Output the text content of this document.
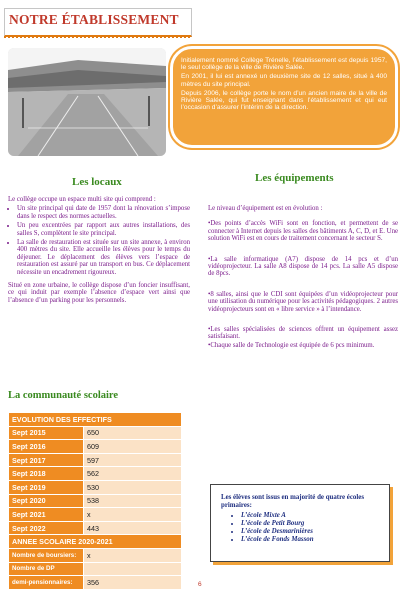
NOTRE ÉTABLISSEMENT

Initialement nommé Collège Trénelle, l’établissement est depuis 1957, le seul collège de la ville de Rivière Salée.

En 2001, il lui est annexé un deuxième site de 12 salles, situé à 400 mètres du site principal.

Depuis 2006, le collège porte le nom d’un ancien maire de la ville de Rivière Salée, qui fut enseignant dans l’établissement et qui eut l’occasion d’assurer l’intérim de la direction.

Les locaux

Le collège occupe un espace multi site qui comprend :

• Un site principal qui date de 1957 dont la rénovation s’impose dans le respect des normes actuelles.
• Un peu excentrées par rapport aux autres installations, des salles S, complètent le site principal.
• La salle de restauration est située sur un site annexe, à environ 400 mètres du site. Elle accueille les élèves pour le temps du déjeuner. Le déplacement des élèves vers l’espace de restauration est assuré par un transport en bus. Ce déplacement nécessite un encadrement rigoureux.

Situé en zone urbaine, le collège dispose d’un foncier insuffisant, ce qui induit par exemple l’absence d’espace vert ainsi que l’absence d’un parking pour les personnels.

Les équipements

Le niveau d’équipement est en évolution :

•Des points d’accès WiFi sont en fonction, et permettent de se connecter à Internet depuis les salles des bâtiments A, C, D, et E. Une solution WiFi est en cours de traitement concernant le secteur S.
•La salle informatique (A7) dispose de 14 pcs et d’un vidéoprojecteur. La salle A8 dispose de 14 pcs. La salle A5 dispose de 8pcs.
•8 salles, ainsi que le CDI sont équipées d’un vidéoprojecteur pour une utilisation du numérique pour les activités pédagogiques. 2 autres vidéoprojecteurs sont en « libre service » à l’intendance.
•Les salles spécialisées de sciences offrent un équipement assez satisfaisant.
•Chaque salle de Technologie est équipée de 6 pcs minimum.
La communauté scolaire
EVOLUTION DES EFFECTIFS	
Sept 2015	650
Sept 2016	609
Sept 2017	597
Sept 2018	562
Sept 2019	530
Sept 2020	538
Sept 2021	x
Sept 2022	443
ANNEE SCOLAIRE 2020-2021	
Nombre de boursiers:	x
Nombre de DP	
demi-pensionnaires:	356

Les élèves sont issus en majorité de quatre écoles primaires:

• L’école Mixte A
• L’école de Petit Bourg
• L’école de Desmarinières
• L’école de Fonds Masson
6
